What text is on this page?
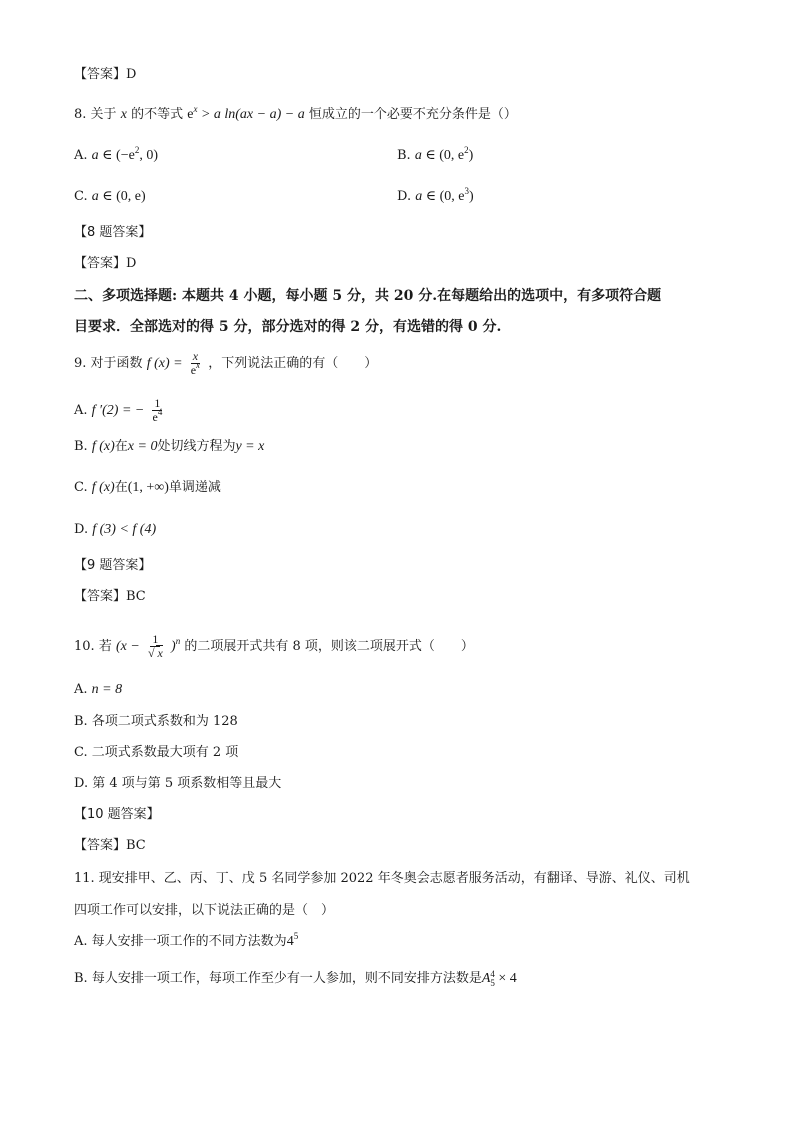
【答案】D
8. 关于 x 的不等式 $e^x > a$ ln(ax − a) − a 恒成立的一个必要不充分条件是（）
A. a ∈ ($-e^2$, 0)	B. a ∈ (0, $e^2$)
C. a ∈ (0, e)	D. a ∈ (0, $e^3$)
【8 题答案】
【答案】D
二、多项选择题: 本题共 4 小题，每小题 5 分，共 20 分.在每题给出的选项中，有多项符合题
目要求．全部选对的得 5 分，部分选对的得 2 分，有选错的得 0 分.
9. 对于函数 f $(x) = \frac{x}{e^x}$ ，下列说法正确的有（　　）
A. f ′(2) = − $\frac{1}{e^4}$
B. f (x)在x = 0处切线方程为y = x
C. f (x)在(1, +∞)单调递减
D. f (3) < f (4)
【9 题答案】
【答案】BC
10. 若 $(x - \frac{1}{√ x} )^n$ 的二项展开式共有 8 项，则该二项展开式（　　）
A. n = 8
B. 各项二项式系数和为 128
C. 二项式系数最大项有 2 项
D. 第 4 项与第 5 项系数相等且最大
【10 题答案】
【答案】BC
11. 现安排甲、乙、丙、丁、戊 5 名同学参加 2022 年冬奥会志愿者服务活动，有翻译、导游、礼仪、司机
四项工作可以安排，以下说法正确的是（　）
A. 每人安排一项工作的不同方法数为$4^5$
B. 每人安排一项工作，每项工作至少有一人参加，则不同安排方法数是A 4
5 × 4
